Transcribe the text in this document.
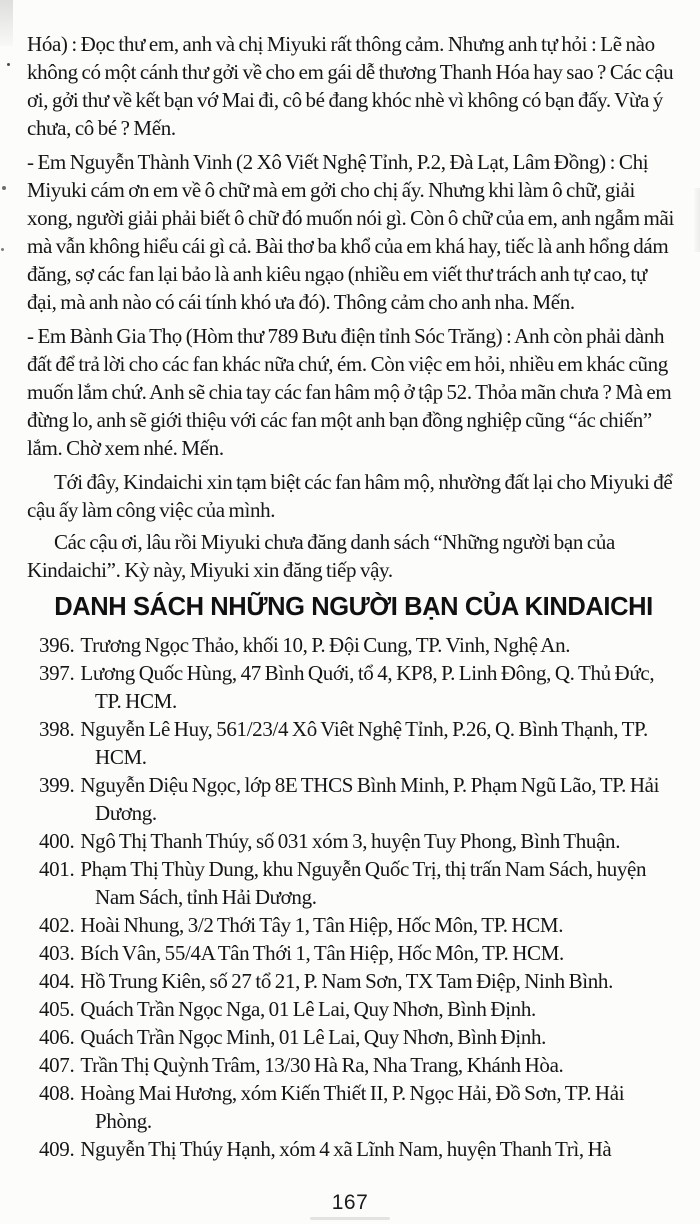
Hóa) : Đọc thư em, anh và chị Miyuki rất thông cảm. Nhưng anh tự hỏi : Lẽ nào không có một cánh thư gởi về cho em gái dễ thương Thanh Hóa hay sao ? Các cậu ơi, gởi thư về kết bạn vớ Mai đi, cô bé đang khóc nhè vì không có bạn đấy. Vừa ý chưa, cô bé ? Mến.

- Em Nguyễn Thành Vinh (2 Xô Viết Nghệ Tỉnh, P.2, Đà Lạt, Lâm Đồng) : Chị Miyuki cám ơn em về ô chữ mà em gởi cho chị ấy. Nhưng khi làm ô chữ, giải xong, người giải phải biết ô chữ đó muốn nói gì. Còn ô chữ của em, anh ngẫm mãi mà vẫn không hiểu cái gì cả. Bài thơ ba khổ của em khá hay, tiếc là anh hổng dám đăng, sợ các fan lại bảo là anh kiêu ngạo (nhiều em viết thư trách anh tự cao, tự đại, mà anh nào có cái tính khó ưa đó). Thông cảm cho anh nha. Mến.

- Em Bành Gia Thọ (Hòm thư 789 Bưu điện tỉnh Sóc Trăng) : Anh còn phải dành đất để trả lời cho các fan khác nữa chứ, ém. Còn việc em hỏi, nhiều em khác cũng muốn lắm chứ. Anh sẽ chia tay các fan hâm mộ ở tập 52. Thỏa mãn chưa ? Mà em đừng lo, anh sẽ giới thiệu với các fan một anh bạn đồng nghiệp cũng “ác chiến” lắm. Chờ xem nhé. Mến.

Tới đây, Kindaichi xin tạm biệt các fan hâm mộ, nhường đất lại cho Miyuki để cậu ấy làm công việc của mình.

Các cậu ơi, lâu rồi Miyuki chưa đăng danh sách “Những người bạn của Kindaichi”. Kỳ này, Miyuki xin đăng tiếp vậy.

DANH SÁCH NHỮNG NGƯỜI BẠN CỦA KINDAICHI
396. Trương Ngọc Thảo, khối 10, P. Đội Cung, TP. Vinh, Nghệ An.
397. Lương Quốc Hùng, 47 Bình Quới, tổ 4, KP8, P. Linh Đông, Q. Thủ Đức, TP. HCM.
398. Nguyễn Lê Huy, 561/23/4 Xô Viêt Nghệ Tỉnh, P.26, Q. Bình Thạnh, TP. HCM.
399. Nguyễn Diệu Ngọc, lớp 8E THCS Bình Minh, P. Phạm Ngũ Lão, TP. Hải Dương.
400. Ngô Thị Thanh Thúy, số 031 xóm 3, huyện Tuy Phong, Bình Thuận.
401. Phạm Thị Thùy Dung, khu Nguyễn Quốc Trị, thị trấn Nam Sách, huyện Nam Sách, tỉnh Hải Dương.
402. Hoài Nhung, 3/2 Thới Tây 1, Tân Hiệp, Hốc Môn, TP. HCM.
403. Bích Vân, 55/4A Tân Thới 1, Tân Hiệp, Hốc Môn, TP. HCM.
404. Hồ Trung Kiên, số 27 tổ 21, P. Nam Sơn, TX Tam Điệp, Ninh Bình.
405. Quách Trần Ngọc Nga, 01 Lê Lai, Quy Nhơn, Bình Định.
406. Quách Trần Ngọc Minh, 01 Lê Lai, Quy Nhơn, Bình Định.
407. Trần Thị Quỳnh Trâm, 13/30 Hà Ra, Nha Trang, Khánh Hòa.
408. Hoàng Mai Hương, xóm Kiến Thiết II, P. Ngọc Hải, Đồ Sơn, TP. Hải Phòng.
409. Nguyễn Thị Thúy Hạnh, xóm 4 xã Lĩnh Nam, huyện Thanh Trì, Hà
167
